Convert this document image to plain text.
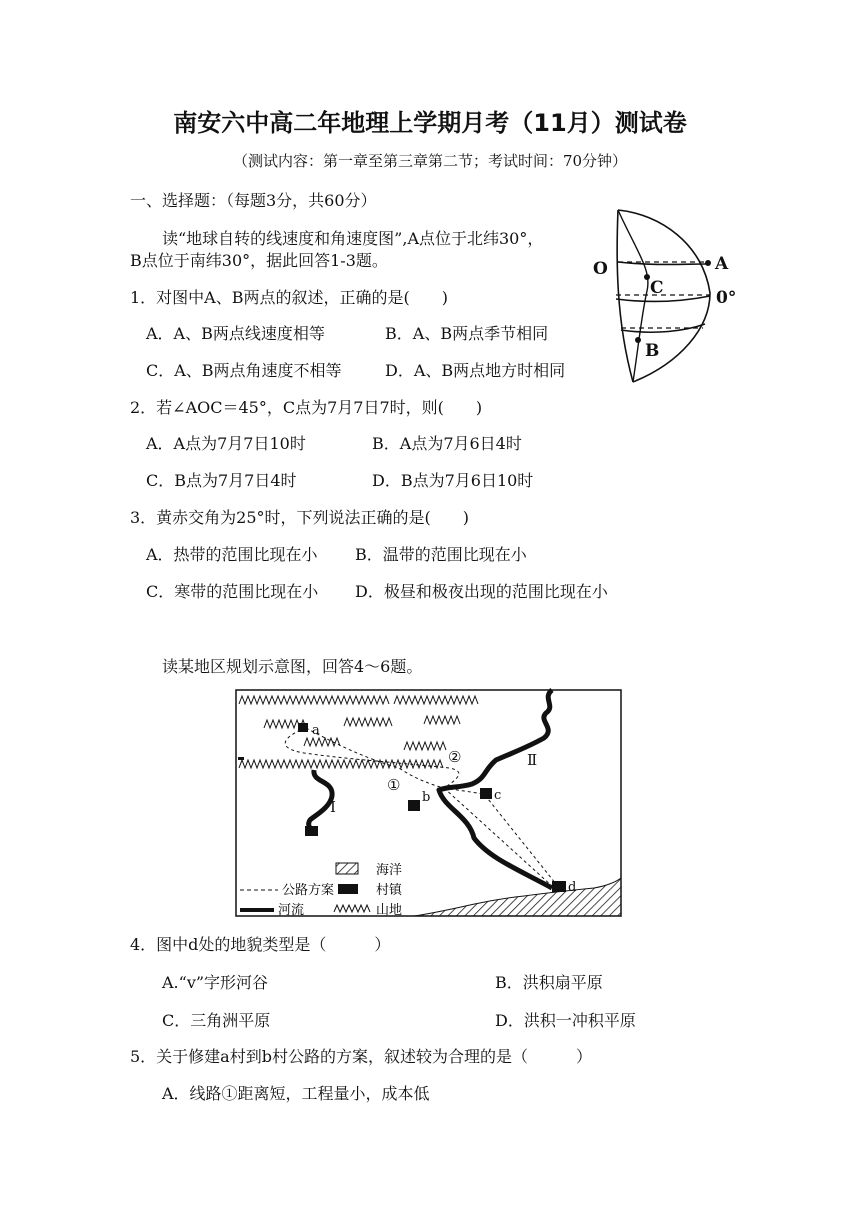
南安六中高二年地理上学期月考（11月）测试卷
（测试内容：第一章至第三章第二节；考试时间：70分钟）
一、选择题：（每题3分，共60分）
读“地球自转的线速度和角速度图”,A点位于北纬30°，
B点位于南纬30°，据此回答1-3题。
1．对图中A、B两点的叙述，正确的是(　　)
A．A、B两点线速度相等	B．A、B两点季节相同
C．A、B两点角速度不相等	D．A、B两点地方时相同
2．若∠AOC＝45°，C点为7月7日7时，则(　　)
A．A点为7月7日10时	B．A点为7月6日4时
C．B点为7月7日4时	D．B点为7月6日10时
3．黄赤交角为25°时，下列说法正确的是(　　)
A．热带的范围比现在小 B．温带的范围比现在小
C．寒带的范围比现在小 D．极昼和极夜出现的范围比现在小
O	A
C	0°
B
读某地区规划示意图，回答4～6题。
a
b	c
d
①
②
Ⅰ
Ⅱ
海洋
公路方案	村镇
河流	山地
4．图中d处的地貌类型是（　　　）
A.“v”字形河谷	B．洪积扇平原
C．三角洲平原	D．洪积一冲积平原
5．关于修建a村到b村公路的方案，叙述较为合理的是（　　　）
A．线路①距离短，工程量小，成本低
